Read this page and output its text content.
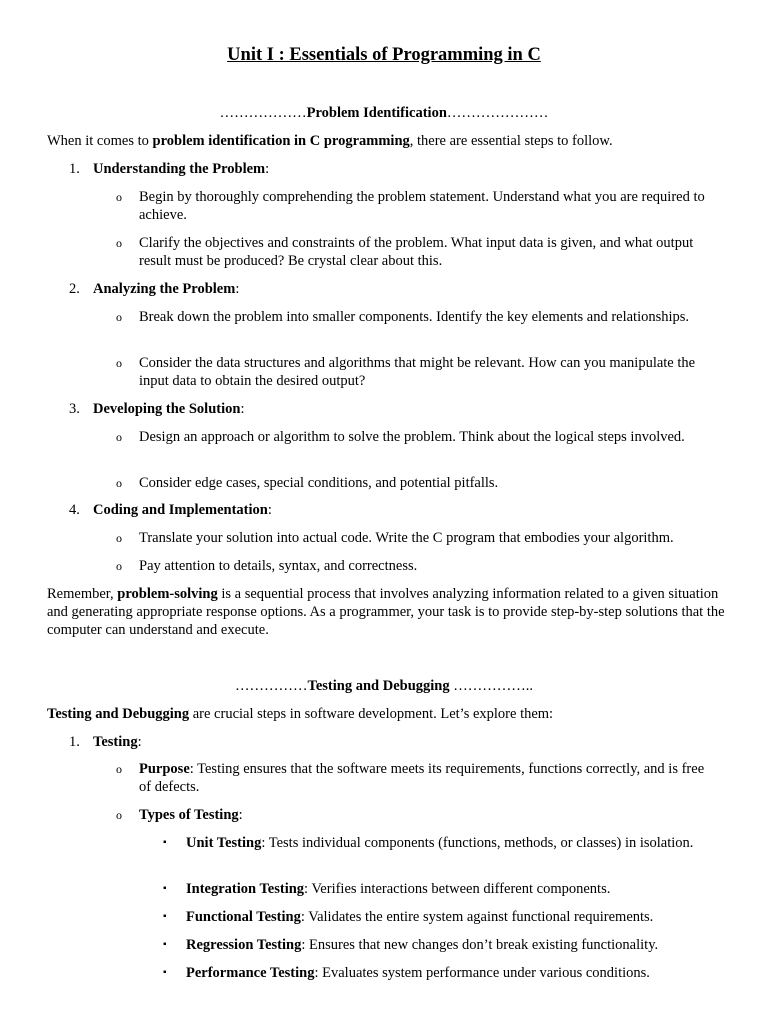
Unit I : Essentials of Programming in C
………………Problem Identification…………………
When it comes to problem identification in C programming, there are essential steps to follow.
1. Understanding the Problem:
o Begin by thoroughly comprehending the problem statement. Understand what you are required to achieve.
o Clarify the objectives and constraints of the problem. What input data is given, and what output result must be produced? Be crystal clear about this.
2. Analyzing the Problem:
o Break down the problem into smaller components. Identify the key elements and relationships.
o Consider the data structures and algorithms that might be relevant. How can you manipulate the input data to obtain the desired output?
3. Developing the Solution:
o Design an approach or algorithm to solve the problem. Think about the logical steps involved.
o Consider edge cases, special conditions, and potential pitfalls.
4. Coding and Implementation:
o Translate your solution into actual code. Write the C program that embodies your algorithm.
o Pay attention to details, syntax, and correctness.
Remember, problem-solving is a sequential process that involves analyzing information related to a given situation and generating appropriate response options. As a programmer, your task is to provide step-by-step solutions that the computer can understand and execute.
……………Testing and Debugging ……………..
Testing and Debugging are crucial steps in software development. Let’s explore them:
1. Testing:
o Purpose: Testing ensures that the software meets its requirements, functions correctly, and is free of defects.
o Types of Testing:
▪ Unit Testing: Tests individual components (functions, methods, or classes) in isolation.
▪ Integration Testing: Verifies interactions between different components.
▪ Functional Testing: Validates the entire system against functional requirements.
▪ Regression Testing: Ensures that new changes don’t break existing functionality.
▪ Performance Testing: Evaluates system performance under various conditions.
